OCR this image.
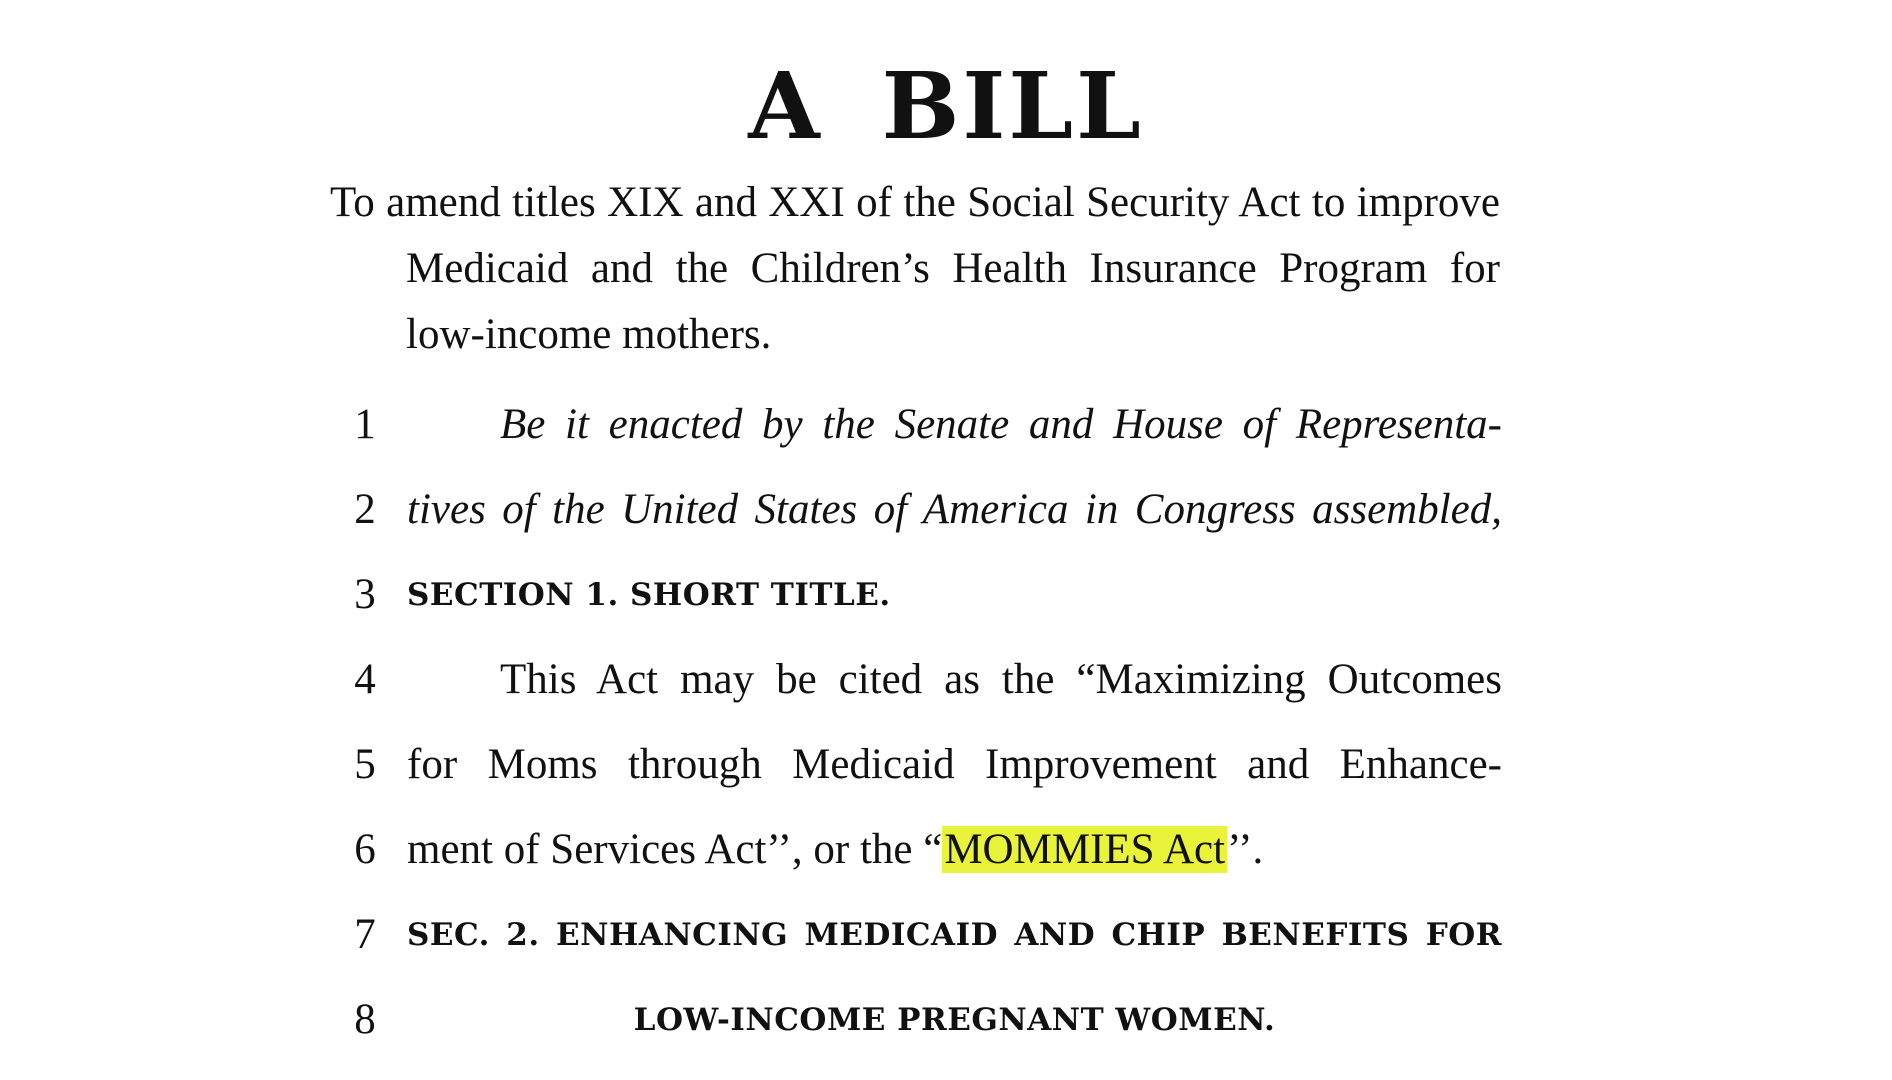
A BILL
To amend titles XIX and XXI of the Social Security Act to improve Medicaid and the Children’s Health Insurance Program for low-income mothers.
1	Be it enacted by the Senate and House of Representa-
2 tives of the United States of America in Congress assembled,
3 SECTION 1. SHORT TITLE.
4	This Act may be cited as the “Maximizing Outcomes
5 for Moms through Medicaid Improvement and Enhance-
6 ment of Services Act’’, or the “MOMMIES Act’’.
7 SEC. 2. ENHANCING MEDICAID AND CHIP BENEFITS FOR
8	LOW-INCOME PREGNANT WOMEN.
